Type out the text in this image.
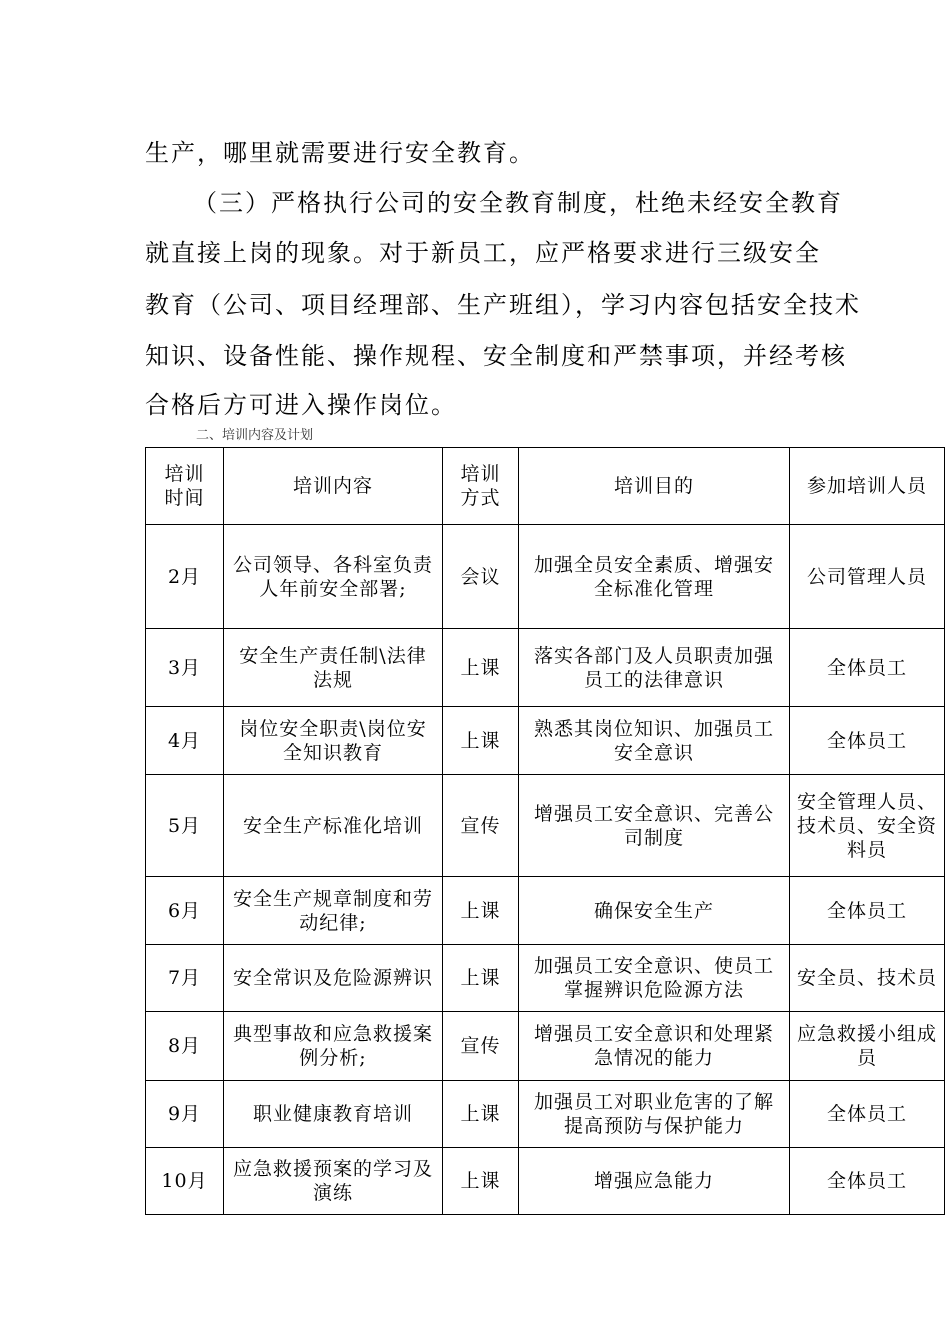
生产，哪里就需要进行安全教育。
（三）严格执行公司的安全教育制度，杜绝未经安全教育
就直接上岗的现象。对于新员工，应严格要求进行三级安全
教育（公司、项目经理部、生产班组），学习内容包括安全技术
知识、设备性能、操作规程、安全制度和严禁事项，并经考核
合格后方可进入操作岗位。
二、培训内容及计划
培训时间	培训内容	培训方式	培训目的	参加培训人员
2月	公司领导、各科室负责人年前安全部署;	会议	加强全员安全素质、增强安全标准化管理	公司管理人员
3月	安全生产责任制\法律法规	上课	落实各部门及人员职责加强员工的法律意识	全体员工
4月	岗位安全职责\岗位安全知识教育	上课	熟悉其岗位知识、加强员工安全意识	全体员工
5月	安全生产标准化培训	宣传	增强员工安全意识、完善公司制度	安全管理人员、技术员、安全资料员
6月	安全生产规章制度和劳动纪律;	上课	确保安全生产	全体员工
7月	安全常识及危险源辨识	上课	加强员工安全意识、使员工掌握辨识危险源方法	安全员、技术员
8月	典型事故和应急救援案例分析;	宣传	增强员工安全意识和处理紧急情况的能力	应急救援小组成员
9月	职业健康教育培训	上课	加强员工对职业危害的了解 提高预防与保护能力	全体员工
10月	应急救援预案的学习及演练	上课	增强应急能力	全体员工
